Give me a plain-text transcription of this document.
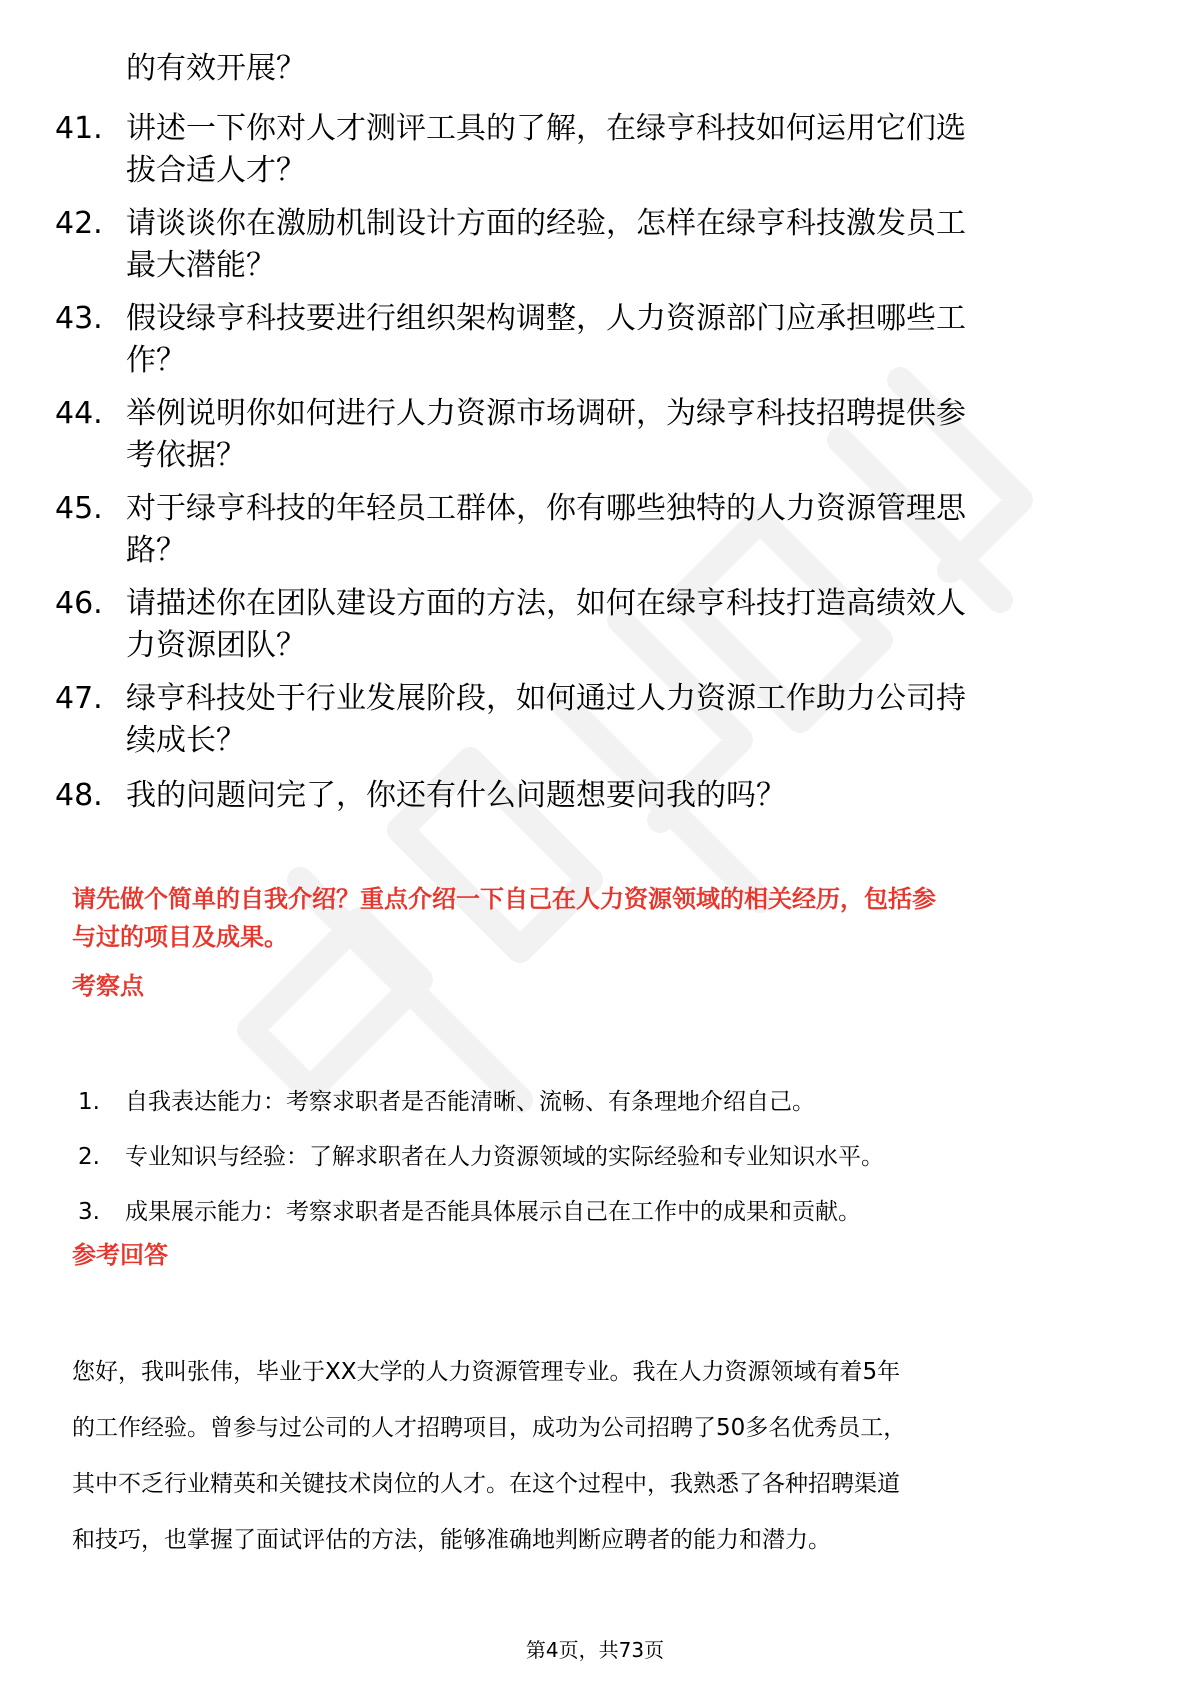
的有效开展？
41. 讲述一下你对人才测评工具的了解，在绿亨科技如何运用它们选
拔合适人才？
42. 请谈谈你在激励机制设计方面的经验，怎样在绿亨科技激发员工
最大潜能？
43. 假设绿亨科技要进行组织架构调整，人力资源部门应承担哪些工
作？
44. 举例说明你如何进行人力资源市场调研，为绿亨科技招聘提供参
考依据？
45. 对于绿亨科技的年轻员工群体，你有哪些独特的人力资源管理思
路？
46. 请描述你在团队建设方面的方法，如何在绿亨科技打造高绩效人
力资源团队？
47. 绿亨科技处于行业发展阶段，如何通过人力资源工作助力公司持
续成长？
48. 我的问题问完了，你还有什么问题想要问我的吗？
请先做个简单的自我介绍？重点介绍一下自己在人力资源领域的相关经历，包括参
与过的项目及成果。
考察点
1. 自我表达能力：考察求职者是否能清晰、流畅、有条理地介绍自己。
2. 专业知识与经验：了解求职者在人力资源领域的实际经验和专业知识水平。
3. 成果展示能力：考察求职者是否能具体展示自己在工作中的成果和贡献。
参考回答
您好，我叫张伟，毕业于XX大学的人力资源管理专业。我在人力资源领域有着5年
的工作经验。曾参与过公司的人才招聘项目，成功为公司招聘了50多名优秀员工，
其中不乏行业精英和关键技术岗位的人才。在这个过程中，我熟悉了各种招聘渠道
和技巧，也掌握了面试评估的方法，能够准确地判断应聘者的能力和潜力。
第4页，共73页
